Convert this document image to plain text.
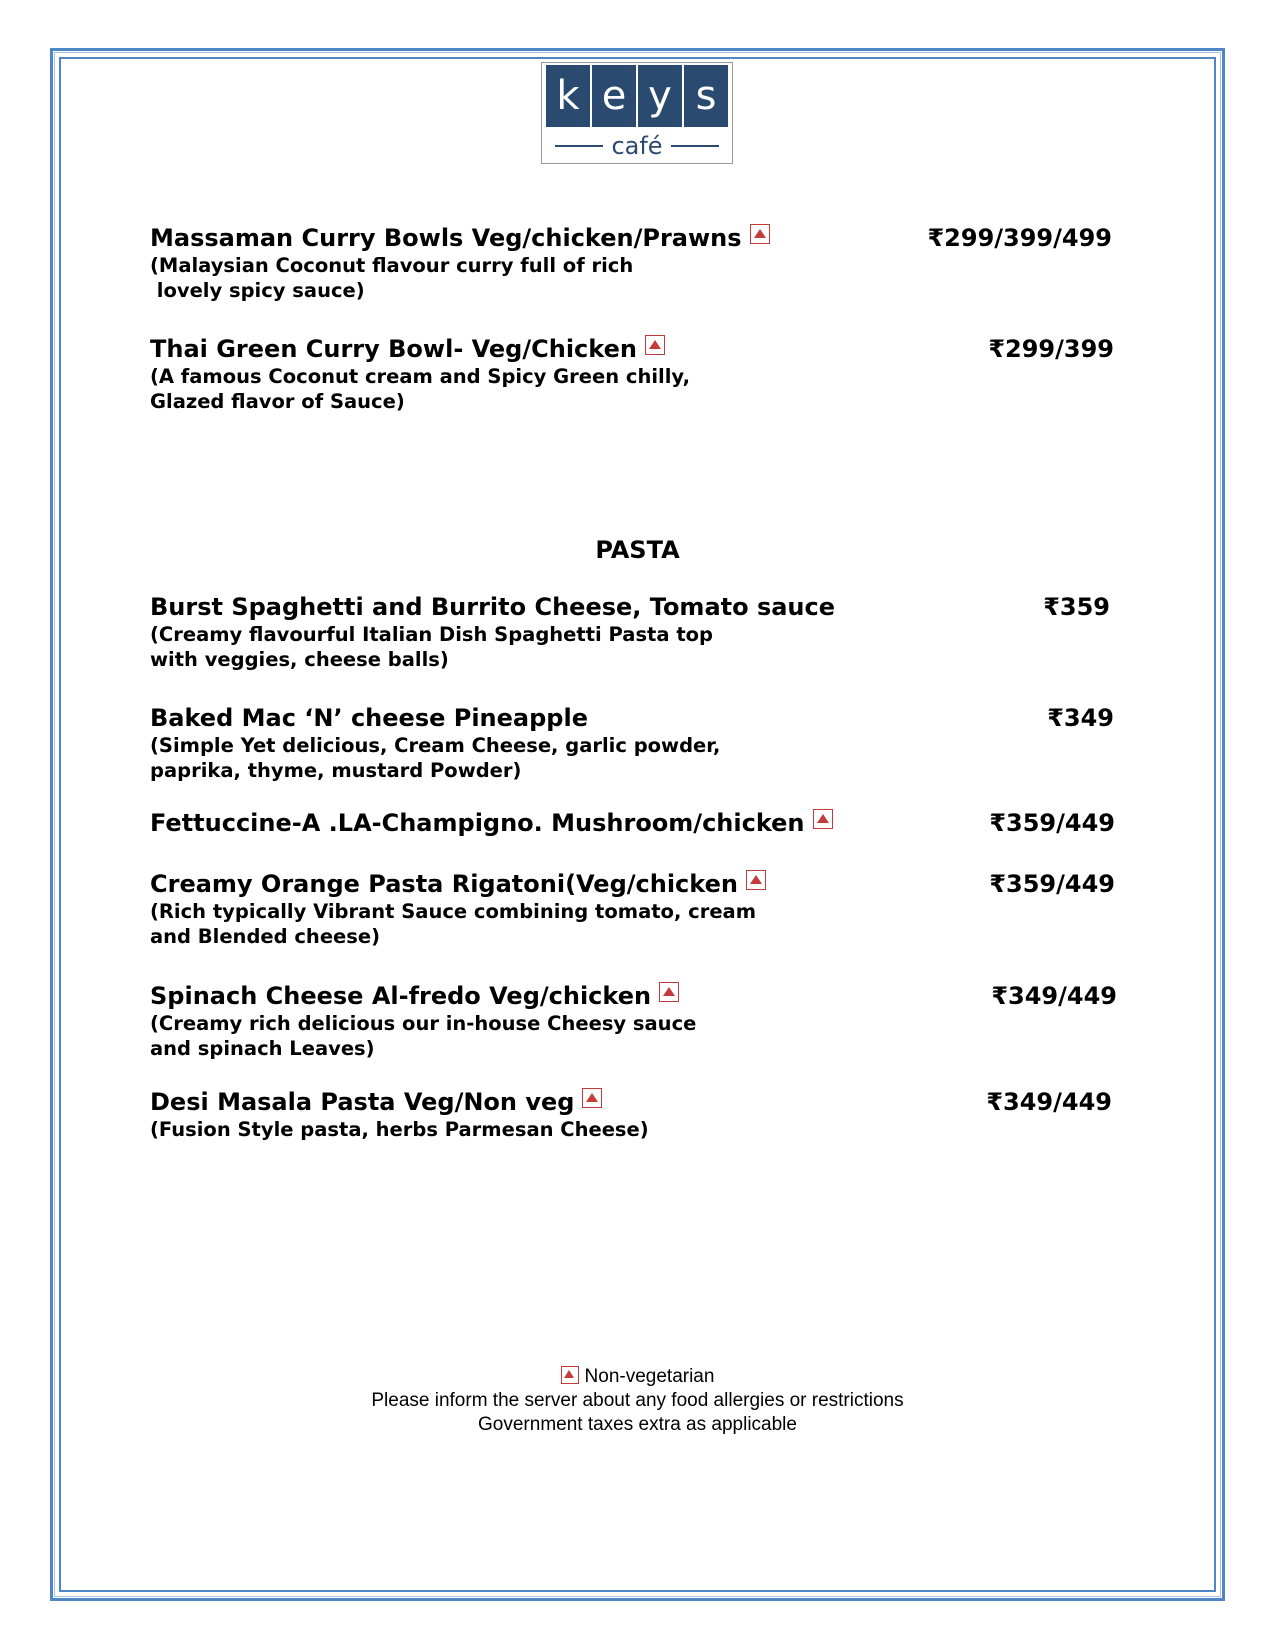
k e y s
café
Massaman Curry Bowls Veg/chicken/Prawns
(Malaysian Coconut flavour curry full of rich
lovely spicy sauce)
₹299/399/499
Thai Green Curry Bowl- Veg/Chicken
(A famous Coconut cream and Spicy Green chilly,
Glazed flavor of Sauce)
₹299/399
PASTA
Burst Spaghetti and Burrito Cheese, Tomato sauce
(Creamy flavourful Italian Dish Spaghetti Pasta top
with veggies, cheese balls)
₹359
Baked Mac ‘N’ cheese Pineapple
(Simple Yet delicious, Cream Cheese, garlic powder,
paprika, thyme, mustard Powder)
₹349
Fettuccine-A .LA-Champigno. Mushroom/chicken	₹359/449
Creamy Orange Pasta Rigatoni(Veg/chicken
(Rich typically Vibrant Sauce combining tomato, cream
and Blended cheese)
₹359/449
Spinach Cheese Al-fredo Veg/chicken
(Creamy rich delicious our in-house Cheesy sauce
and spinach Leaves)
₹349/449
Desi Masala Pasta Veg/Non veg
(Fusion Style pasta, herbs Parmesan Cheese)
₹349/449
Non-vegetarian
Please inform the server about any food allergies or restrictions
Government taxes extra as applicable
